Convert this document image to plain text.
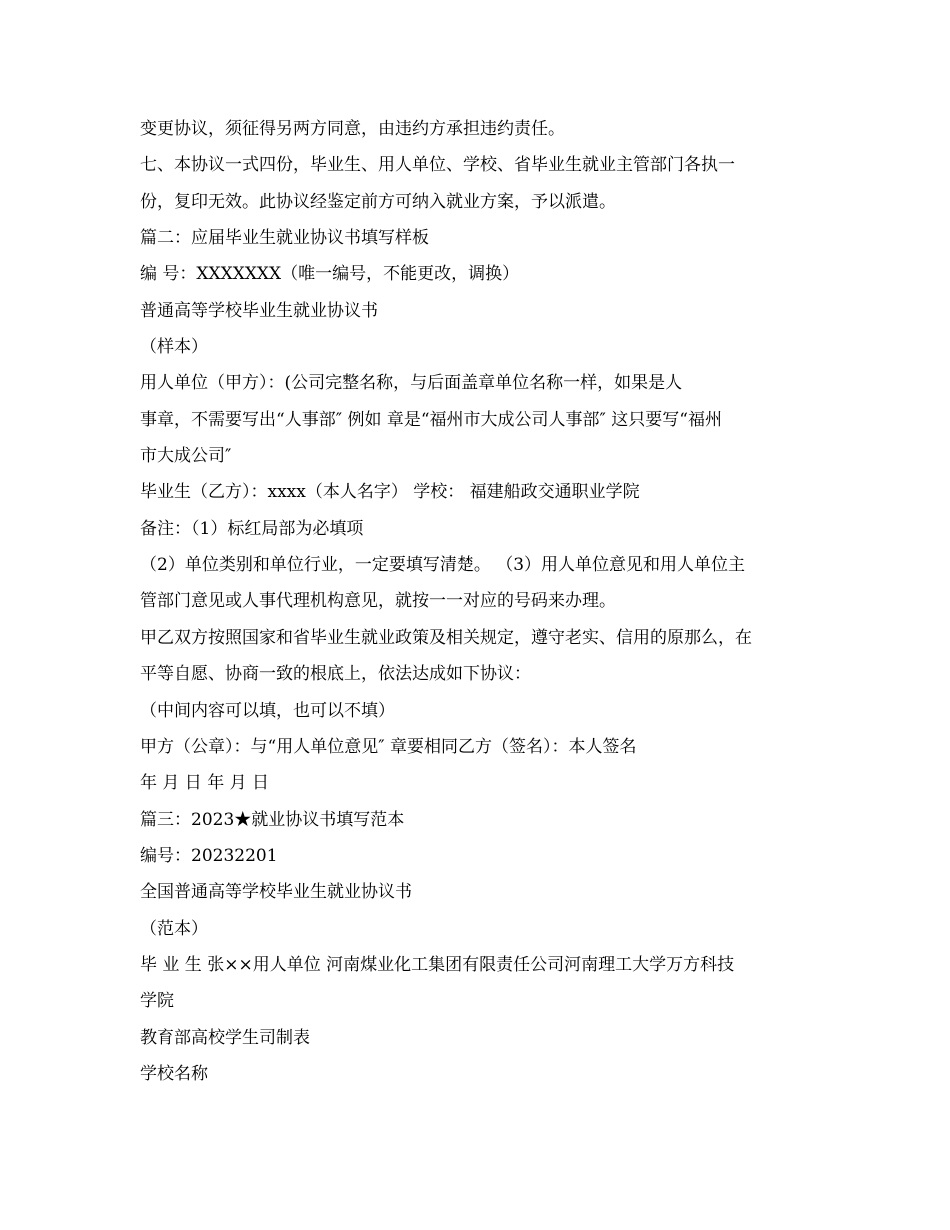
变更协议，须征得另两方同意，由违约方承担违约责任。
七、本协议一式四份，毕业生、用人单位、学校、省毕业生就业主管部门各执一
份，复印无效。此协议经鉴定前方可纳入就业方案，予以派遣。
篇二：应届毕业生就业协议书填写样板
编 号：XXXXXXX（唯一编号，不能更改，调换）
普通高等学校毕业生就业协议书
（样本）
用人单位（甲方）：(公司完整名称，与后面盖章单位名称一样，如果是人
事章，不需要写出“人事部″ 例如 章是“福州市大成公司人事部″ 这只要写“福州
市大成公司″
毕业生（乙方）：xxxx（本人名字） 学校： 福建船政交通职业学院
备注：（1）标红局部为必填项
（2）单位类别和单位行业，一定要填写清楚。 （3）用人单位意见和用人单位主
管部门意见或人事代理机构意见，就按一一对应的号码来办理。
甲乙双方按照国家和省毕业生就业政策及相关规定，遵守老实、信用的原那么，在
平等自愿、协商一致的根底上，依法达成如下协议：
（中间内容可以填，也可以不填）
甲方（公章）：与“用人单位意见″ 章要相同乙方（签名）：本人签名
年 月 日 年 月 日
篇三：2023★就业协议书填写范本
编号：20232201
全国普通高等学校毕业生就业协议书
（范本）
毕 业 生 张××用人单位 河南煤业化工集团有限责任公司河南理工大学万方科技
学院
教育部高校学生司制表
学校名称
